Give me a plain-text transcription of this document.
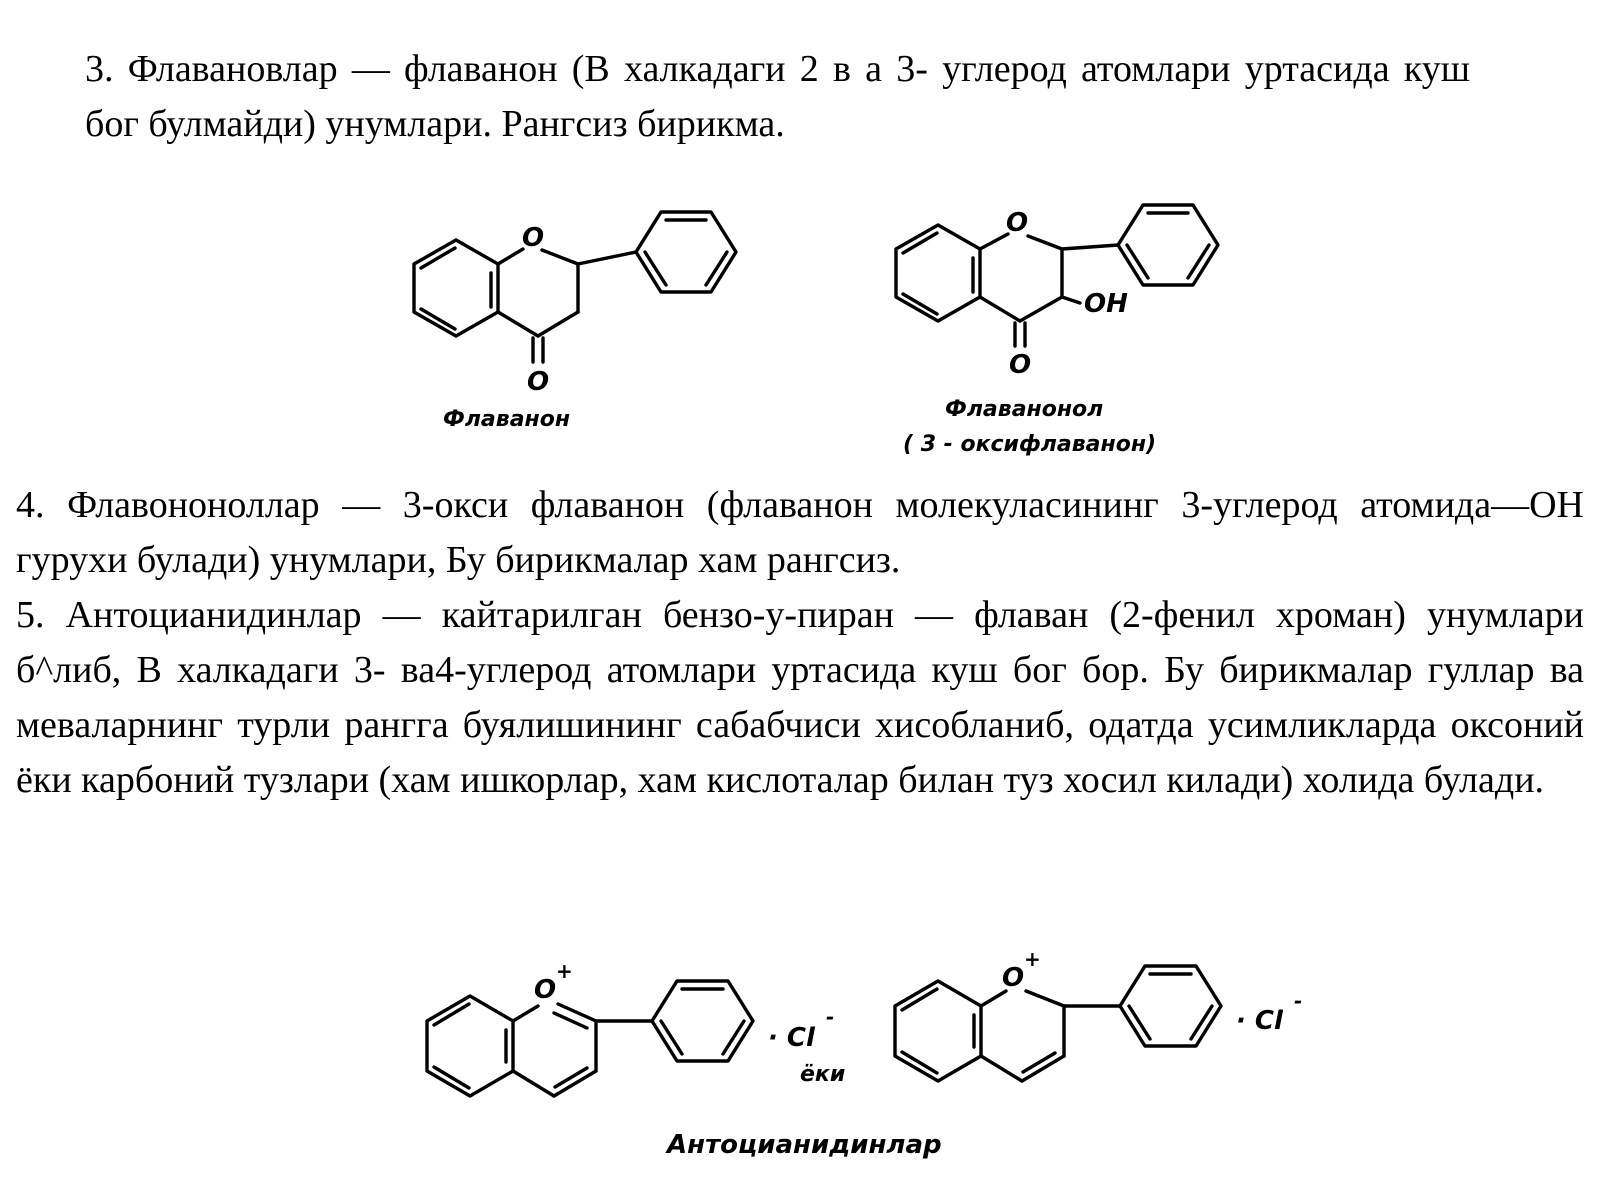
3. Флавановлар — флаванон (В халкадаги 2 в а 3- углерод атомлари уртасида куш бог булмайди) унумлари. Рангсиз бирикма.

4. Флавононоллар — 3-окси флаванон (флаванон молекуласининг 3-углерод атомида—ОН гурухи булади) унумлари, Бу бирикмалар хам рангсиз.

5. Антоцианидинлар — кайтарилган бензо-у-пиран — флаван (2-фенил хроман) унумлари б^либ, В халкадаги 3- ва4-углерод атомлари уртасида куш бог бор. Бу бирикмалар гуллар ва меваларнинг турли рангга буялишининг сабабчиси хисобланиб, одатда усимликларда оксоний ёки карбоний тузлари (хам ишкорлар, хам кислоталар билан туз хосил килади) холида булади.

O
O
Флаванон
O
OH
O
Флаванонол
( 3 - оксифлаванон)
O
+
· Cl
-
ёки
O
+
· Cl
-
Антоцианидинлар
